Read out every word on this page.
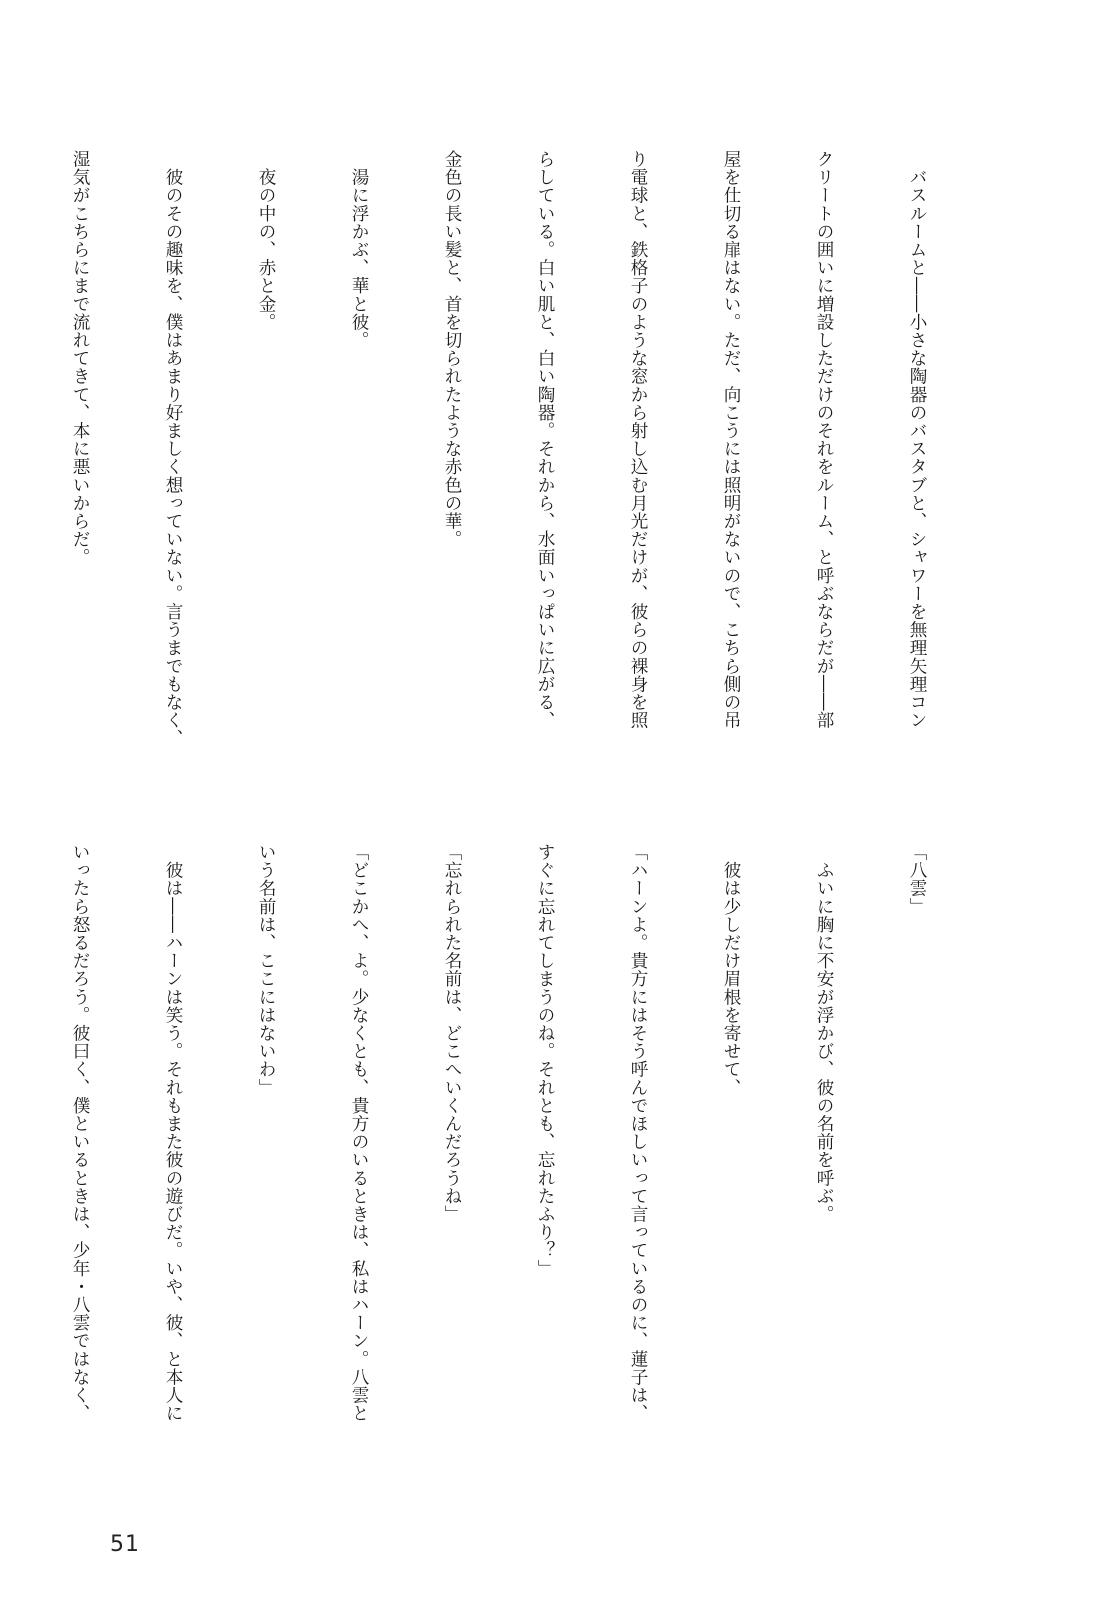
　バスルームと――小さな陶器のバスタブと、シャワーを無理矢理コン

クリートの囲いに増設しただけのそれをルーム、と呼ぶならだが――部

屋を仕切る扉はない。ただ、向こうには照明がないので、こちら側の吊

り電球と、鉄格子のような窓から射し込む月光だけが、彼らの裸身を照

らしている。白い肌と、白い陶器。それから、水面いっぱいに広がる、

金色の長い髪と、首を切られたような赤色の華。

　湯に浮かぶ、華と彼。

　夜の中の、赤と金。

　彼のその趣味を、僕はあまり好ましく想っていない。言うまでもなく、

湿気がこちらにまで流れてきて、本に悪いからだ。

「八雲」

　ふいに胸に不安が浮かび、彼の名前を呼ぶ。

　彼は少しだけ眉根を寄せて、

「ハーンよ。貴方にはそう呼んでほしいって言っているのに、蓮子は、

すぐに忘れてしまうのね。それとも、忘れたふり？」

「忘れられた名前は、どこへいくんだろうね」

「どこかへ、よ。少なくとも、貴方のいるときは、私はハーン。八雲と

いう名前は、ここにはないわ」

　彼は――ハーンは笑う。それもまた彼の遊びだ。いや、彼、と本人に

いったら怒るだろう。彼曰く、僕といるときは、少年・八雲ではなく、

51
